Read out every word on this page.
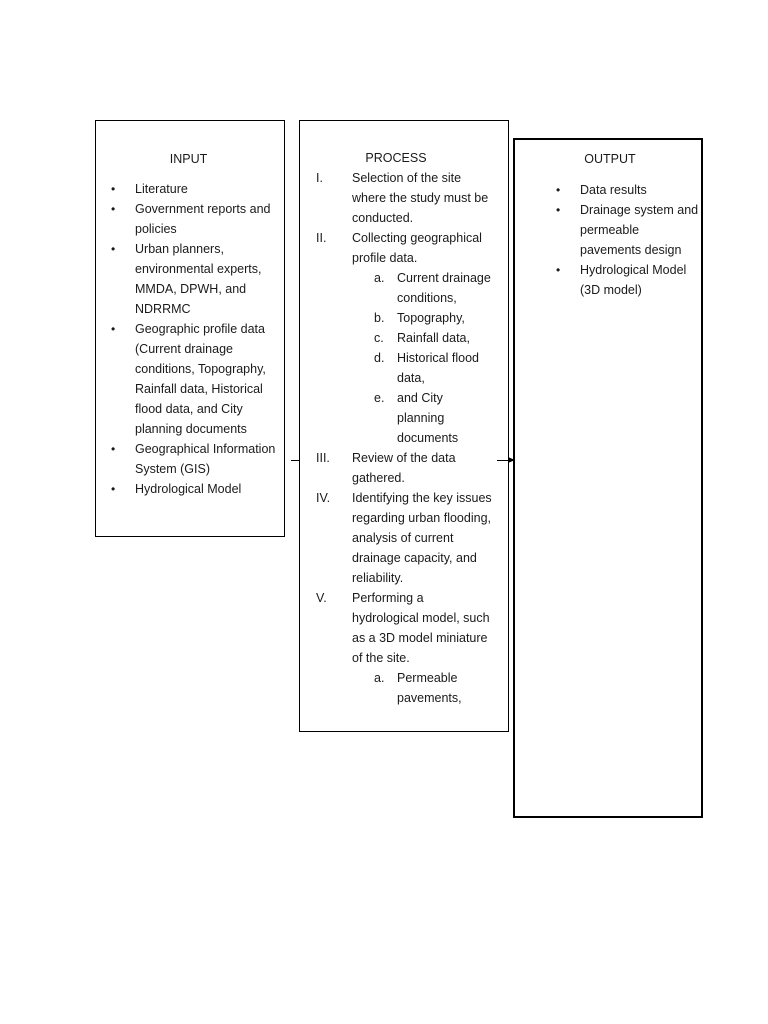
INPUT
• Literature
• Government reports and policies
• Urban planners, environmental experts, MMDA, DPWH, and NDRRMC
• Geographic profile data (Current drainage conditions, Topography, Rainfall data, Historical flood data, and City planning documents
• Geographical Information System (GIS)
• Hydrological Model
PROCESS
I. Selection of the site where the study must be conducted.
II. Collecting geographical profile data.
a. Current drainage conditions,
b. Topography,
c. Rainfall data,
d. Historical flood data,
e. and City planning documents
III. Review of the data gathered.
IV. Identifying the key issues regarding urban flooding, analysis of current drainage capacity, and reliability.
V. Performing a hydrological model, such as a 3D model miniature of the site.
a. Permeable pavements,
OUTPUT
• Data results
• Drainage system and permeable pavements design
• Hydrological Model (3D model)
